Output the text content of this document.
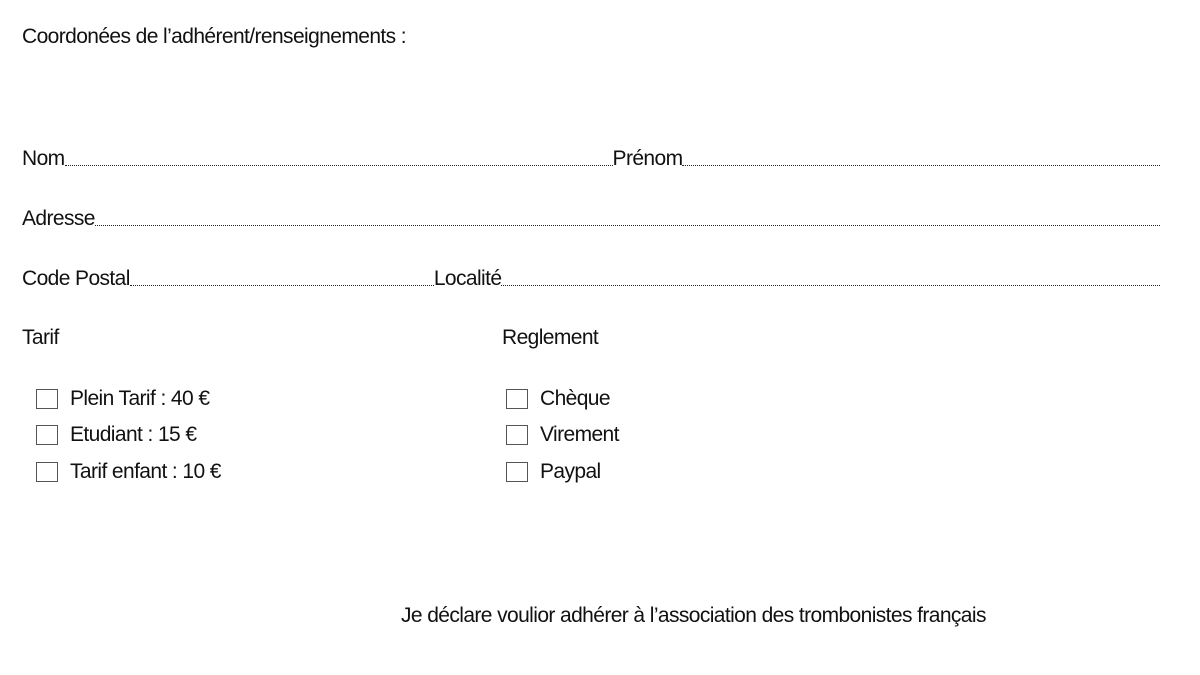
Coordonées de l’adhérent/renseignements :
Nom	Prénom
Adresse
Code Postal	Localité
Tarif
Plein Tarif : 40 €
Etudiant : 15 €
Tarif enfant : 10 €
Reglement
Chèque
Virement
Paypal
Je déclare voulior adhérer à l’association des trombonistes français
